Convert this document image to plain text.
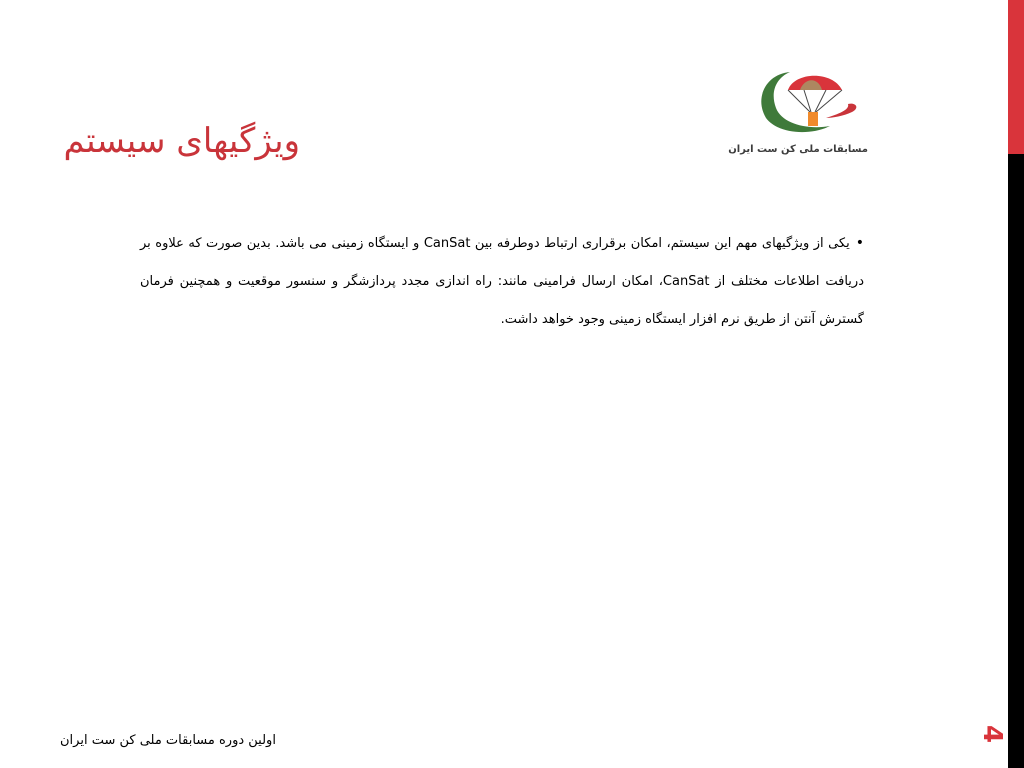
4
مسابقات ملی کن ست ایران
ویژگیهای سیستم
•یکی از ویژگیهای مهم این سیستم، امکان برقراری ارتباط دوطرفه بین CanSat و ایستگاه زمینی می باشد. بدین صورت که علاوه بر دریافت اطلاعات مختلف از CanSat، امکان ارسال فرامینی مانند: راه اندازی مجدد پردازشگر و سنسور موقعیت و همچنین فرمان گسترش آنتن از طریق نرم افزار ایستگاه زمینی وجود خواهد داشت.
اولین دوره مسابقات ملی کن ست ایران
